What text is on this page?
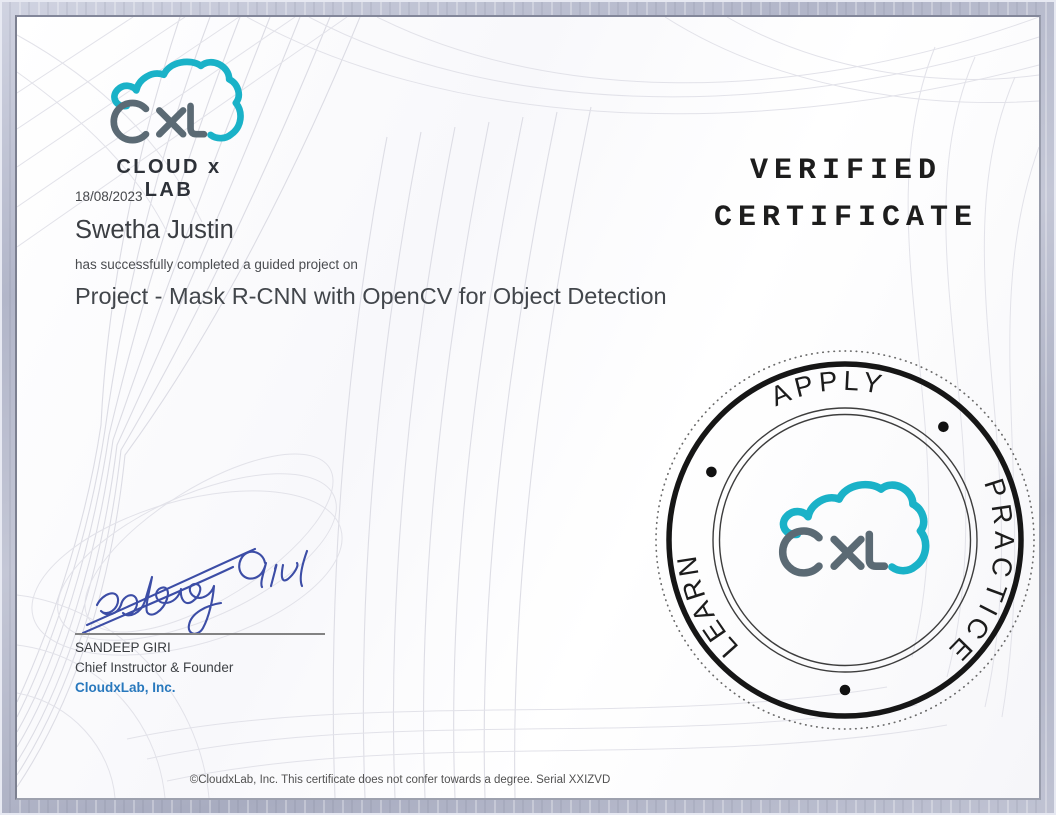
CLOUD x LAB
18/08/2023
Swetha Justin
has successfully completed a guided project on
Project - Mask R-CNN with OpenCV for Object Detection
VERIFIED
CERTIFICATE
SANDEEP GIRI
Chief Instructor & Founder
CloudxLab, Inc.
APPLY
PRACTICE
LEARN
©CloudxLab, Inc. This certificate does not confer towards a degree. Serial XXIZVD
